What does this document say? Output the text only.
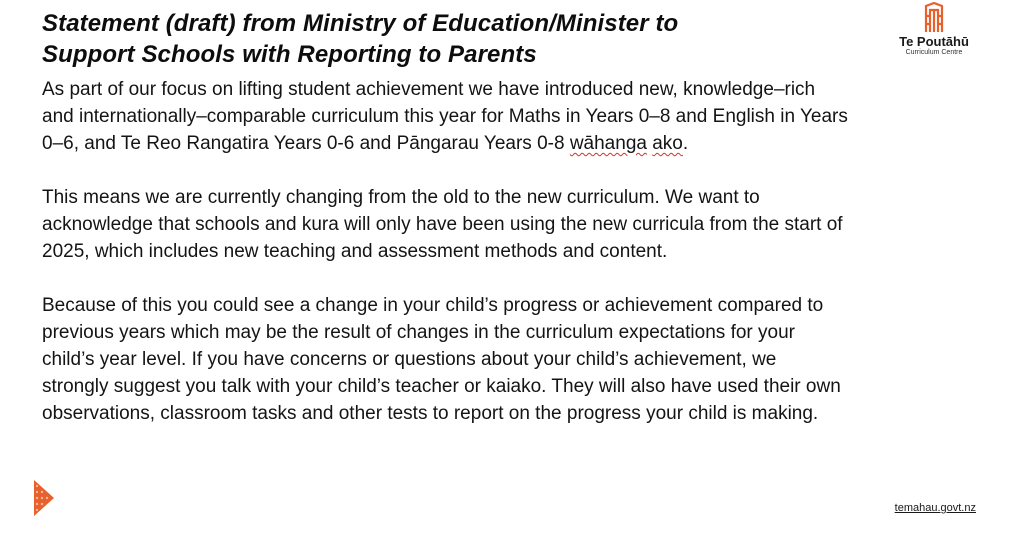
Statement (draft) from Ministry of Education/Minister to
Support Schools with Reporting to Parents	Te Poutāhū
Curriculum Centre

As part of our focus on lifting student achievement we have introduced new, knowledge–rich
and internationally–comparable curriculum this year for Maths in Years 0–8 and English in Years
0–6, and Te Reo Rangatira Years 0-6 and Pāngarau Years 0-8 wāhanga ako.

This means we are currently changing from the old to the new curriculum. We want to
acknowledge that schools and kura will only have been using the new curricula from the start of
2025, which includes new teaching and assessment methods and content.

Because of this you could see a change in your child’s progress or achievement compared to
previous years which may be the result of changes in the curriculum expectations for your
child’s year level. If you have concerns or questions about your child’s achievement, we
strongly suggest you talk with your child’s teacher or kaiako. They will also have used their own
observations, classroom tasks and other tests to report on the progress your child is making.

temahau.govt.nz
